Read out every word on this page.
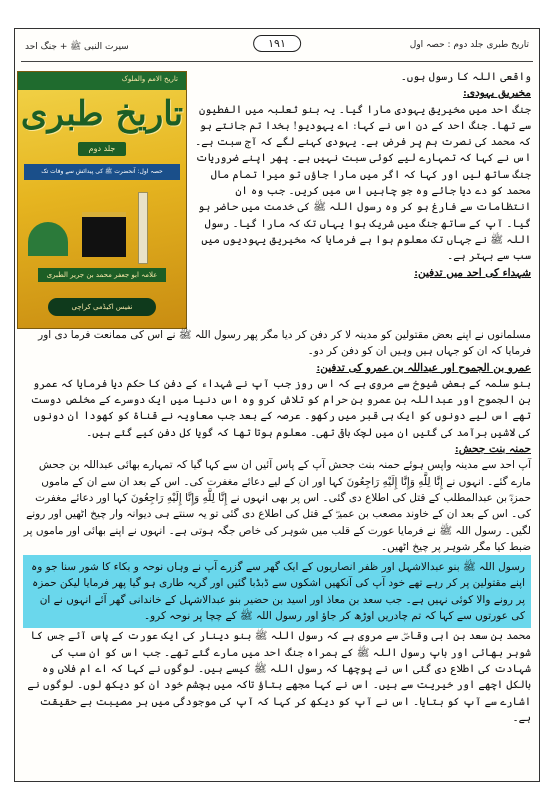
تاریخ طبری جلد دوم : حصہ اول
۱۹۱
سیرت النبی ﷺ + جنگ احد
تاریخ الامم والملوک
تاریخ طبری
جلد دوم
حصہ اول: آنحضرت ﷺ کی پیدائش سے وفات تک
علامہ ابو جعفر محمد بن جریر الطبری
نفیس اکیڈمی کراچی

واقعی اللہ کا رسول ہوں۔

مخیریق یہودی:

جنگ احد میں مخیریق یہودی مارا گیا۔ یہ بنو ثعلبہ میں الفطیون سے تھا۔ جنگ احد کے دن اس نے کہا: اے یہودیو! بخدا تم جانتے ہو کہ محمد کی نصرت ہم پر فرض ہے۔ یہودی کہنے لگے کہ آج سبت ہے۔ اس نے کہا کہ تمہارے لیے کوئی سبت نہیں ہے۔ پھر اپنے ضروریات جنگ ساتھ لیں اور کہا کہ اگر میں مارا جاؤں تو میرا تمام مال محمد کو دے دیا جائے وہ جو چاہیں اس میں کریں۔ جب وہ ان انتظامات سے فارغ ہو کر وہ رسول اللہ ﷺ کی خدمت میں حاضر ہو گیا۔ آپ کے ساتھ جنگ میں شریک ہوا یہاں تک کہ مارا گیا۔ رسول اللہ ﷺ نے جہاں تک معلوم ہوا ہے فرمایا کہ مخیریق یہودیوں میں سب سے بہتر ہے۔

شہداء کی احد میں تدفین:

مسلمانوں نے اپنے بعض مقتولین کو مدینہ لا کر دفن کر دیا مگر پھر رسول اللہ ﷺ نے اس کی ممانعت فرما دی اور فرمایا کہ ان کو جہاں ہیں وہیں ان کو دفن کر دو۔

عمرو بن الجموح اور عبداللہ بن عمرو کی تدفین:

بنو سلمہ کے بعض شیوخ سے مروی ہے کہ اس روز جب آپ نے شہداء کے دفن کا حکم دیا فرمایا کہ عمرو بن الجموح اور عبداللہ بن عمرو بن حرام کو تلاش کرو وہ اس دنیا میں ایک دوسرے کے مخلص دوست تھے اس لیے دونوں کو ایک ہی قبر میں رکھو۔ عرصہ کے بعد جب معاویہ نے قناۃ کو کھودا ان دونوں کی لاشیں برآمد کی گئیں ان میں لچک باقی تھی۔ معلوم ہوتا تھا کہ گویا کل دفن کیے گئے ہیں۔

حمنہ بنت جحش:

آپ احد سے مدینہ واپس ہوئے حمنہ بنت جحش آپ کے پاس آئیں ان سے کہا گیا کہ تمہارے بھائی عبداللہ بن جحش مارے گئے۔ انہوں نے إِنَّا لِلَّهِ وَإِنَّا إِلَيْهِ رَاجِعُونَ کہا اور ان کے لیے دعائے مغفرت کی۔ اس کے بعد ان سے ان کے ماموں حمزہؓ بن عبدالمطلب کے قتل کی اطلاع دی گئی۔ اس پر بھی انہوں نے إِنَّا لِلَّهِ وَإِنَّا إِلَيْهِ رَاجِعُونَ کہا اور دعائے مغفرت کی۔ اس کے بعد ان کے خاوند مصعب بن عمیرؓ کے قتل کی اطلاع دی گئی تو یہ سنتے ہی دیوانہ وار چیخ اٹھیں اور رونے لگیں۔ رسول اللہ ﷺ نے فرمایا عورت کے قلب میں شوہر کی خاص جگہ ہوتی ہے۔ انہوں نے اپنے بھائی اور ماموں پر ضبط کیا مگر شوہر پر چیخ اٹھیں۔

رسول اللہ ﷺ بنو عبدالاشہل اور ظفر انصاریوں کے ایک گھر سے گزرے آپ نے وہاں نوحہ و بکاء کا شور سنا جو وہ اپنے مقتولین پر کر رہے تھے خود آپ کی آنکھیں اشکوں سے ڈبڈبا گئیں اور گریہ طاری ہو گیا پھر فرمایا لیکن حمزہ پر رونے والا کوئی نہیں ہے۔ جب سعد بن معاذ اور اسید بن حضیر بنو عبدالاشہل کے خاندانی گھر آئے انہوں نے ان کی عورتوں سے کہا کہ تم چادریں اوڑھ کر جاؤ اور رسول اللہ ﷺ کے چچا پر نوحہ کرو۔

محمد بن سعد بن ابی وقاصؓ سے مروی ہے کہ رسول اللہ ﷺ بنو دینار کی ایک عورت کے پاس آئے جس کا شوہر بھائی اور باپ رسول اللہ ﷺ کے ہمراہ جنگ احد میں مارے گئے تھے۔ جب اس کو ان سب کی شہادت کی اطلاع دی گئی اس نے پوچھا کہ رسول اللہ ﷺ کیسے ہیں۔ لوگوں نے کہا کہ اے ام فلاں وہ بالکل اچھے اور خیریت سے ہیں۔ اس نے کہا مجھے بتاؤ تاکہ میں بچشم خود ان کو دیکھ لوں۔ لوگوں نے اشارے سے آپ کو بتایا۔ اس نے آپ کو دیکھ کر کہا کہ آپ کی موجودگی میں ہر مصیبت بے حقیقت ہے۔
